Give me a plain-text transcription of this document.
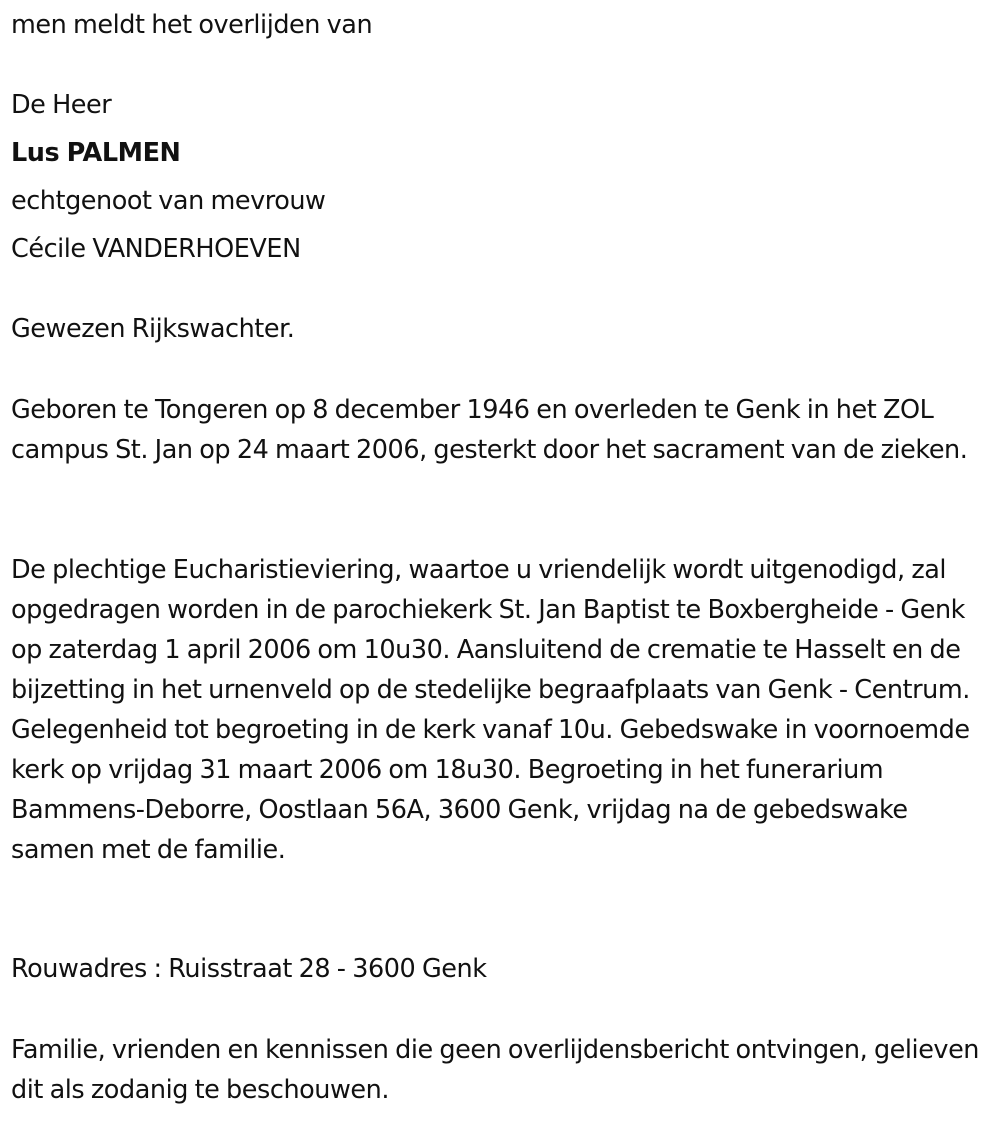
men meldt het overlijden van
De Heer
Lus PALMEN
echtgenoot van mevrouw
Cécile VANDERHOEVEN
Gewezen Rijkswachter.
Geboren te Tongeren op 8 december 1946 en overleden te Genk in het ZOL campus St. Jan op 24 maart 2006, gesterkt door het sacrament van de zieken.
De plechtige Eucharistieviering, waartoe u vriendelijk wordt uitgenodigd, zal opgedragen worden in de parochiekerk St. Jan Baptist te Boxbergheide - Genk op zaterdag 1 april 2006 om 10u30. Aansluitend de crematie te Hasselt en de bijzetting in het urnenveld op de stedelijke begraafplaats van Genk - Centrum. Gelegenheid tot begroeting in de kerk vanaf 10u. Gebedswake in voornoemde kerk op vrijdag 31 maart 2006 om 18u30. Begroeting in het funerarium Bammens-Deborre, Oostlaan 56A, 3600 Genk, vrijdag na de gebedswake samen met de familie.
Rouwadres : Ruisstraat 28 - 3600 Genk
Familie, vrienden en kennissen die geen overlijdensbericht ontvingen, gelieven dit als zodanig te beschouwen.
